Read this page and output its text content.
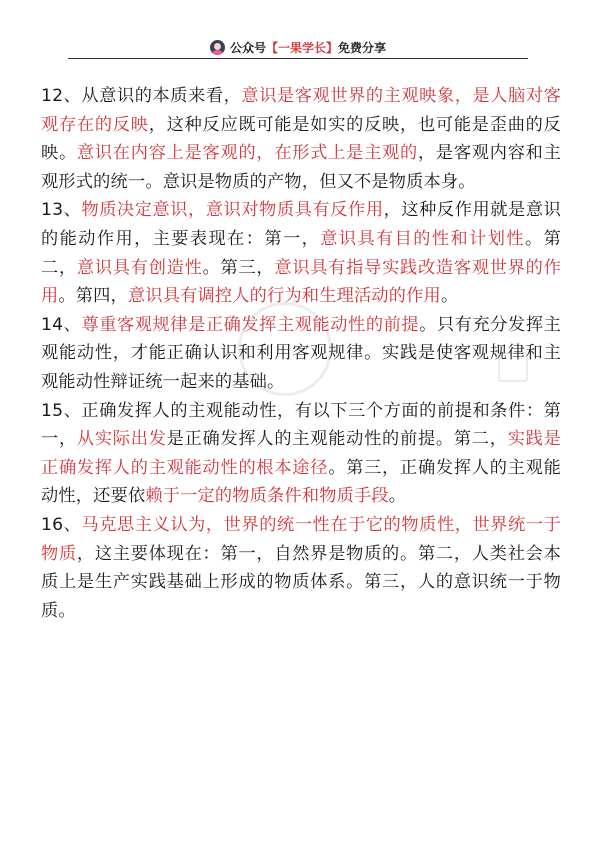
公众号 【一果学长】 免费分享

12、从意识的本质来看，意识是客观世界的主观映象，是人脑对客观存在的反映，这种反应既可能是如实的反映，也可能是歪曲的反映。意识在内容上是客观的，在形式上是主观的，是客观内容和主观形式的统一。意识是物质的产物，但又不是物质本身。

13、物质决定意识，意识对物质具有反作用，这种反作用就是意识的能动作用，主要表现在：第一，意识具有目的性和计划性。第二，意识具有创造性。第三，意识具有指导实践改造客观世界的作用。第四，意识具有调控人的行为和生理活动的作用。

14、尊重客观规律是正确发挥主观能动性的前提。只有充分发挥主观能动性，才能正确认识和利用客观规律。实践是使客观规律和主观能动性辩证统一起来的基础。

15、正确发挥人的主观能动性，有以下三个方面的前提和条件：第一，从实际出发是正确发挥人的主观能动性的前提。第二，实践是正确发挥人的主观能动性的根本途径。第三，正确发挥人的主观能动性，还要依赖于一定的物质条件和物质手段。

16、马克思主义认为，世界的统一性在于它的物质性，世界统一于物质，这主要体现在：第一，自然界是物质的。第二，人类社会本质上是生产实践基础上形成的物质体系。第三，人的意识统一于物质。
